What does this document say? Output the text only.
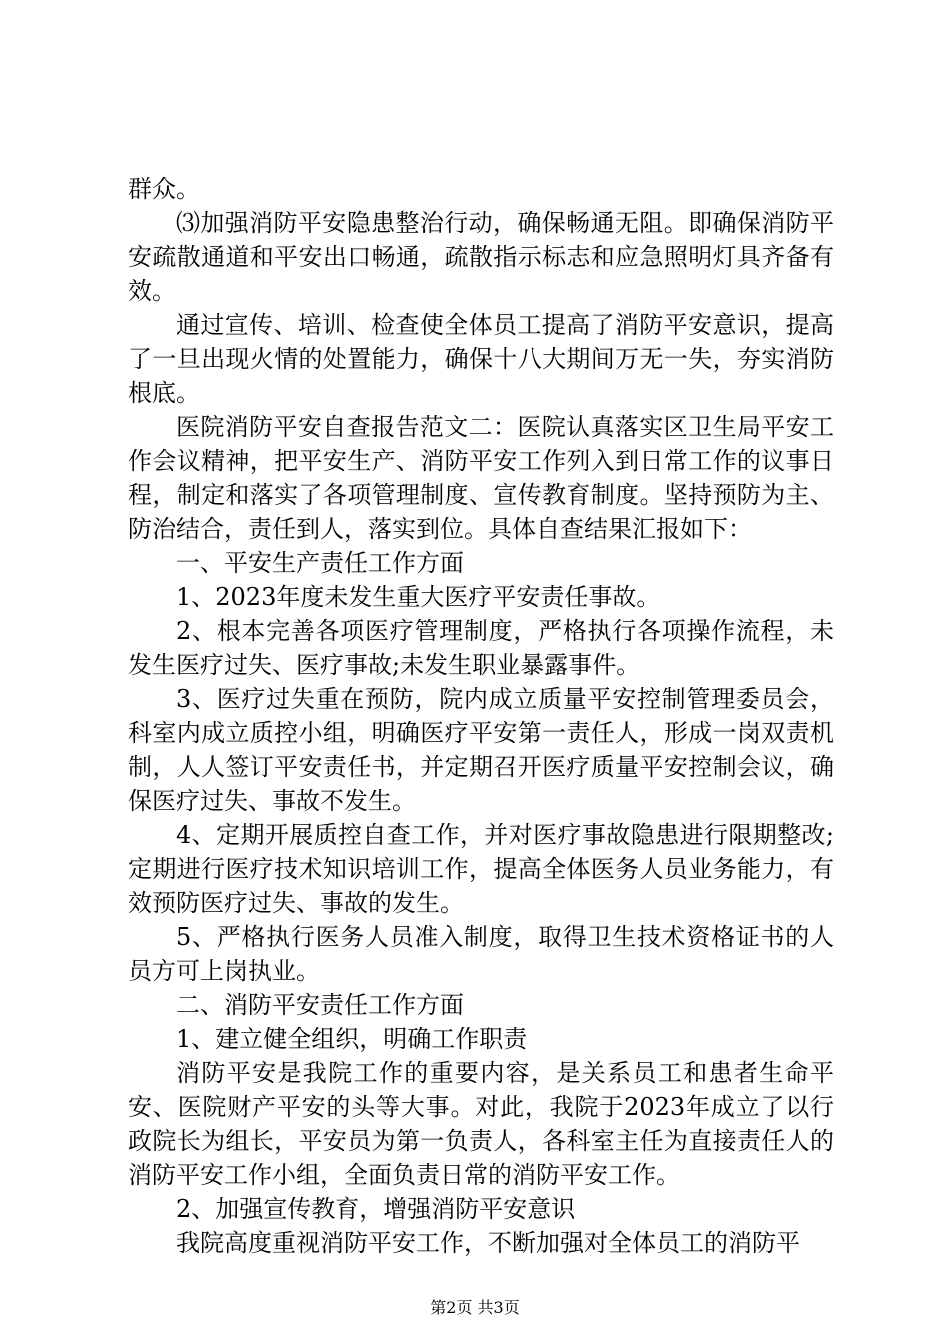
群众。

⑶加强消防平安隐患整治行动，确保畅通无阻。即确保消防平安疏散通道和平安出口畅通，疏散指示标志和应急照明灯具齐备有效。

通过宣传、培训、检查使全体员工提高了消防平安意识，提高了一旦出现火情的处置能力，确保十八大期间万无一失，夯实消防根底。

医院消防平安自查报告范文二：医院认真落实区卫生局平安工作会议精神，把平安生产、消防平安工作列入到日常工作的议事日程，制定和落实了各项管理制度、宣传教育制度。坚持预防为主、防治结合，责任到人，落实到位。具体自查结果汇报如下：

一、平安生产责任工作方面

1、2023年度未发生重大医疗平安责任事故。

2、根本完善各项医疗管理制度，严格执行各项操作流程，未发生医疗过失、医疗事故;未发生职业暴露事件。

3、医疗过失重在预防，院内成立质量平安控制管理委员会，科室内成立质控小组，明确医疗平安第一责任人，形成一岗双责机制，人人签订平安责任书，并定期召开医疗质量平安控制会议，确保医疗过失、事故不发生。

4、定期开展质控自查工作，并对医疗事故隐患进行限期整改;定期进行医疗技术知识培训工作，提高全体医务人员业务能力，有效预防医疗过失、事故的发生。

5、严格执行医务人员准入制度，取得卫生技术资格证书的人员方可上岗执业。

二、消防平安责任工作方面

1、建立健全组织，明确工作职责

消防平安是我院工作的重要内容，是关系员工和患者生命平安、医院财产平安的头等大事。对此，我院于2023年成立了以行政院长为组长，平安员为第一负责人，各科室主任为直接责任人的消防平安工作小组，全面负责日常的消防平安工作。

2、加强宣传教育，增强消防平安意识

我院高度重视消防平安工作，不断加强对全体员工的消防平

第2页 共3页
